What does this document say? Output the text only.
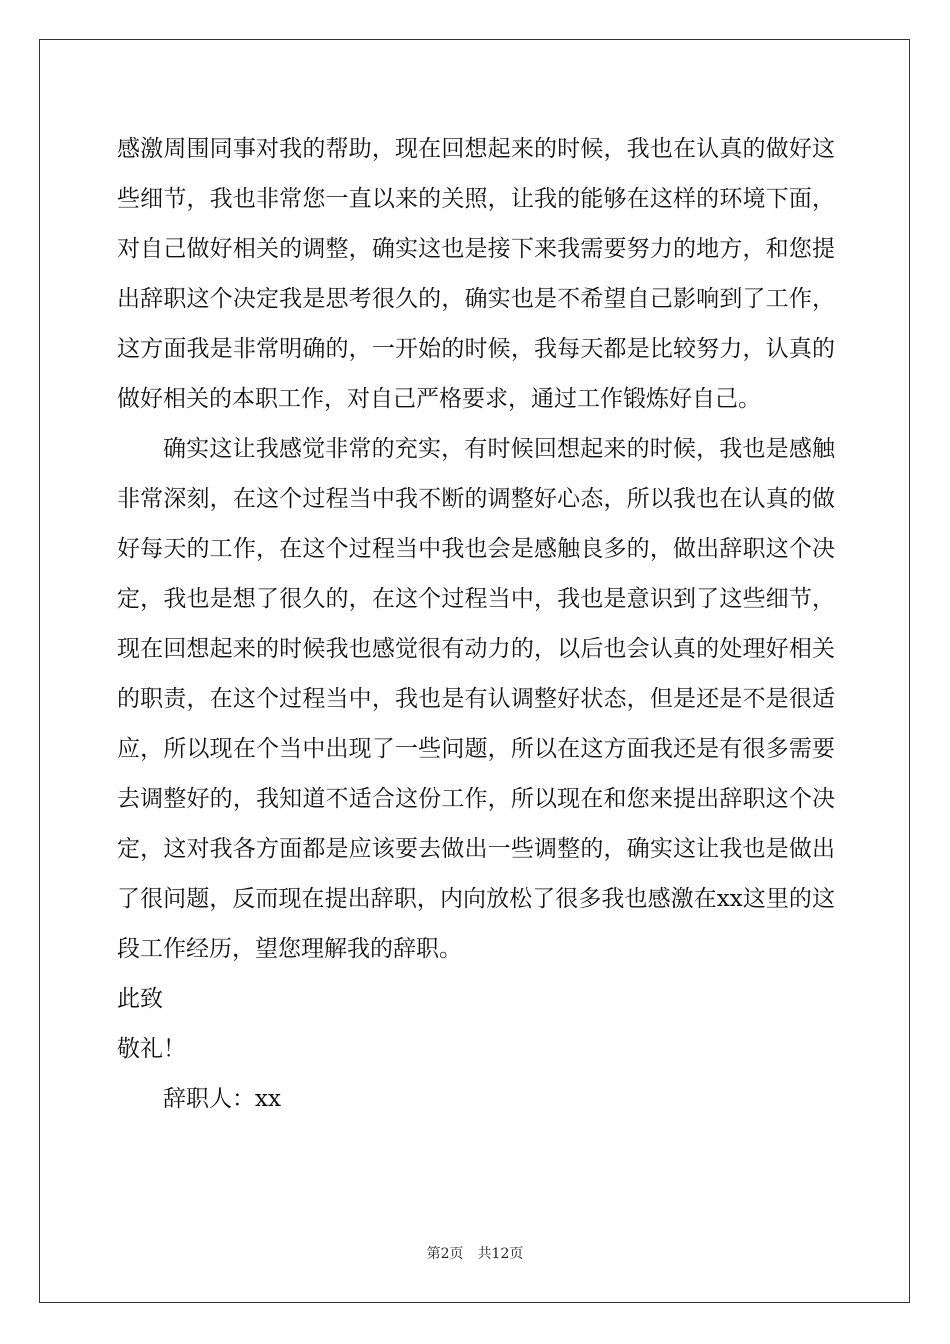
感激周围同事对我的帮助，现在回想起来的时候，我也在认真的做好这些细节，我也非常您一直以来的关照，让我的能够在这样的环境下面，对自己做好相关的调整，确实这也是接下来我需要努力的地方，和您提出辞职这个决定我是思考很久的，确实也是不希望自己影响到了工作，这方面我是非常明确的，一开始的时候，我每天都是比较努力，认真的做好相关的本职工作，对自己严格要求，通过工作锻炼好自己。

确实这让我感觉非常的充实，有时候回想起来的时候，我也是感触非常深刻，在这个过程当中我不断的调整好心态，所以我也在认真的做好每天的工作，在这个过程当中我也会是感触良多的，做出辞职这个决定，我也是想了很久的，在这个过程当中，我也是意识到了这些细节，现在回想起来的时候我也感觉很有动力的，以后也会认真的处理好相关的职责，在这个过程当中，我也是有认调整好状态，但是还是不是很适应，所以现在个当中出现了一些问题，所以在这方面我还是有很多需要去调整好的，我知道不适合这份工作，所以现在和您来提出辞职这个决定，这对我各方面都是应该要去做出一些调整的，确实这让我也是做出了很问题，反而现在提出辞职，内向放松了很多我也感激在xx这里的这段工作经历，望您理解我的辞职。

此致

敬礼！

辞职人：xx

第2页 共12页
